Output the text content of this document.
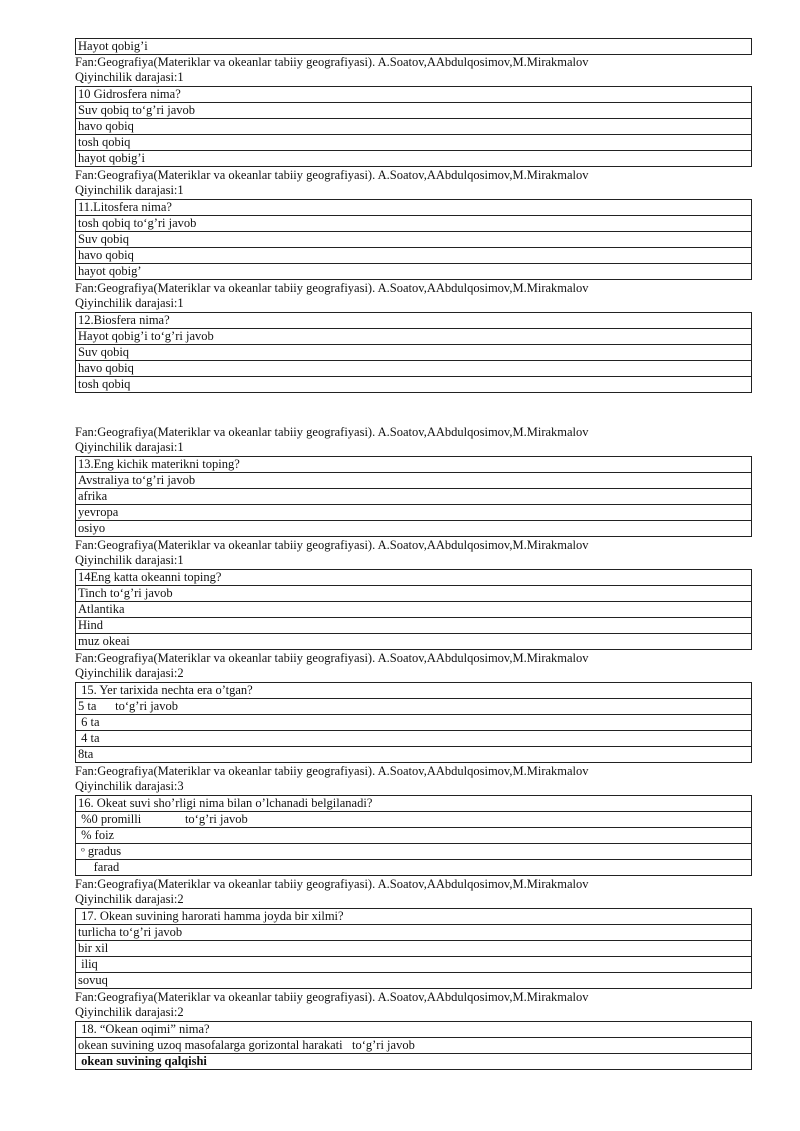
Hayot qobig’i
Fan:Geografiya(Materiklar va okeanlar tabiiy geografiyasi). A.Soatov,AAbdulqosimov,M.Mirakmalov
Qiyinchilik darajasi:1
10 Gidrosfera nima?
Suv qobiq to‘g’ri javob
havo qobiq
tosh qobiq
hayot qobig’i
Fan:Geografiya(Materiklar va okeanlar tabiiy geografiyasi). A.Soatov,AAbdulqosimov,M.Mirakmalov
Qiyinchilik darajasi:1
11.Litosfera nima?
tosh qobiq to‘g’ri javob
Suv qobiq
havo qobiq
hayot qobig’
Fan:Geografiya(Materiklar va okeanlar tabiiy geografiyasi). A.Soatov,AAbdulqosimov,M.Mirakmalov
Qiyinchilik darajasi:1
12.Biosfera nima?
Hayot qobig’i to‘g’ri javob
Suv qobiq
havo qobiq
tosh qobiq
Fan:Geografiya(Materiklar va okeanlar tabiiy geografiyasi). A.Soatov,AAbdulqosimov,M.Mirakmalov
Qiyinchilik darajasi:1
13.Eng kichik materikni toping?
Avstraliya to‘g’ri javob
afrika
yevropa
osiyo
Fan:Geografiya(Materiklar va okeanlar tabiiy geografiyasi). A.Soatov,AAbdulqosimov,M.Mirakmalov
Qiyinchilik darajasi:1
14Eng katta okeanni toping?
Tinch to‘g’ri javob
Atlantika
Hind
muz okeai
Fan:Geografiya(Materiklar va okeanlar tabiiy geografiyasi). A.Soatov,AAbdulqosimov,M.Mirakmalov
Qiyinchilik darajasi:2
15. Yer tarixida nechta era o’tgan?
5 ta      to‘g’ri javob
6 ta
4 ta
8ta
Fan:Geografiya(Materiklar va okeanlar tabiiy geografiyasi). A.Soatov,AAbdulqosimov,M.Mirakmalov
Qiyinchilik darajasi:3
16. Okeat suvi sho’rligi nima bilan o’lchanadi belgilanadi?
%0 promilli              to‘g’ri javob
% foiz
ᵒ gradus
farad
Fan:Geografiya(Materiklar va okeanlar tabiiy geografiyasi). A.Soatov,AAbdulqosimov,M.Mirakmalov
Qiyinchilik darajasi:2
17. Okean suvining harorati hamma joyda bir xilmi?
turlicha to‘g’ri javob
bir xil
iliq
sovuq
Fan:Geografiya(Materiklar va okeanlar tabiiy geografiyasi). A.Soatov,AAbdulqosimov,M.Mirakmalov
Qiyinchilik darajasi:2
18. “Okean oqimi” nima?
okean suvining uzoq masofalarga gorizontal harakati   to‘g’ri javob
okean suvining qalqishi
